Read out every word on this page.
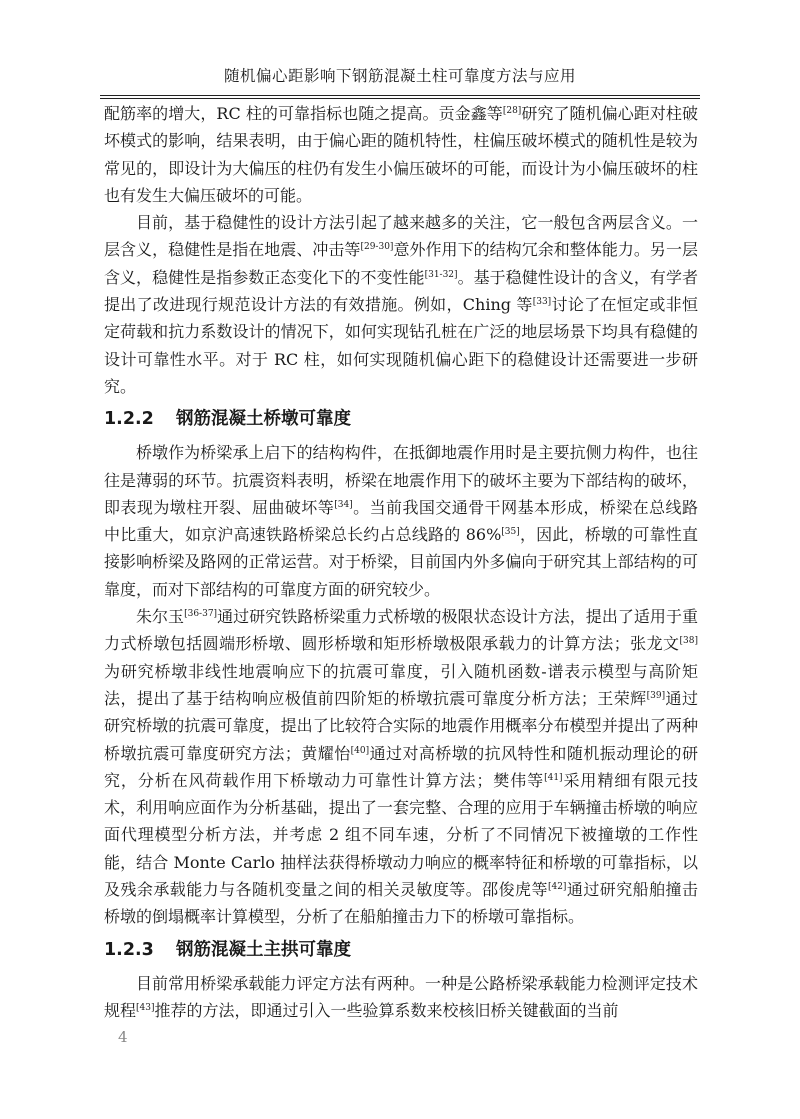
随机偏心距影响下钢筋混凝土柱可靠度方法与应用

配筋率的增大，RC 柱的可靠指标也随之提高。贡金鑫等[28]研究了随机偏心距对柱破坏模式的影响，结果表明，由于偏心距的随机特性，柱偏压破坏模式的随机性是较为常见的，即设计为大偏压的柱仍有发生小偏压破坏的可能，而设计为小偏压破坏的柱也有发生大偏压破坏的可能。

目前，基于稳健性的设计方法引起了越来越多的关注，它一般包含两层含义。一层含义，稳健性是指在地震、冲击等[29-30]意外作用下的结构冗余和整体能力。另一层含义，稳健性是指参数正态变化下的不变性能[31-32]。基于稳健性设计的含义，有学者提出了改进现行规范设计方法的有效措施。例如，Ching 等[33]讨论了在恒定或非恒定荷载和抗力系数设计的情况下，如何实现钻孔桩在广泛的地层场景下均具有稳健的设计可靠性水平。对于 RC 柱，如何实现随机偏心距下的稳健设计还需要进一步研究。

1.2.2 钢筋混凝土桥墩可靠度

桥墩作为桥梁承上启下的结构构件，在抵御地震作用时是主要抗侧力构件，也往往是薄弱的环节。抗震资料表明，桥梁在地震作用下的破坏主要为下部结构的破坏，即表现为墩柱开裂、屈曲破坏等[34]。当前我国交通骨干网基本形成，桥梁在总线路中比重大，如京沪高速铁路桥梁总长约占总线路的 86%[35]，因此，桥墩的可靠性直接影响桥梁及路网的正常运营。对于桥梁，目前国内外多偏向于研究其上部结构的可靠度，而对下部结构的可靠度方面的研究较少。

朱尔玉[36-37]通过研究铁路桥梁重力式桥墩的极限状态设计方法，提出了适用于重力式桥墩包括圆端形桥墩、圆形桥墩和矩形桥墩极限承载力的计算方法；张龙文[38]为研究桥墩非线性地震响应下的抗震可靠度，引入随机函数-谱表示模型与高阶矩法，提出了基于结构响应极值前四阶矩的桥墩抗震可靠度分析方法；王荣辉[39]通过研究桥墩的抗震可靠度，提出了比较符合实际的地震作用概率分布模型并提出了两种桥墩抗震可靠度研究方法；黄耀怡[40]通过对高桥墩的抗风特性和随机振动理论的研究，分析在风荷载作用下桥墩动力可靠性计算方法；樊伟等[41]采用精细有限元技术，利用响应面作为分析基础，提出了一套完整、合理的应用于车辆撞击桥墩的响应面代理模型分析方法，并考虑 2 组不同车速，分析了不同情况下被撞墩的工作性能，结合 Monte Carlo 抽样法获得桥墩动力响应的概率特征和桥墩的可靠指标，以及残余承载能力与各随机变量之间的相关灵敏度等。邵俊虎等[42]通过研究船舶撞击桥墩的倒塌概率计算模型，分析了在船舶撞击力下的桥墩可靠指标。

1.2.3 钢筋混凝土主拱可靠度

目前常用桥梁承载能力评定方法有两种。一种是公路桥梁承载能力检测评定技术规程[43]推荐的方法，即通过引入一些验算系数来校核旧桥关键截面的当前

4
